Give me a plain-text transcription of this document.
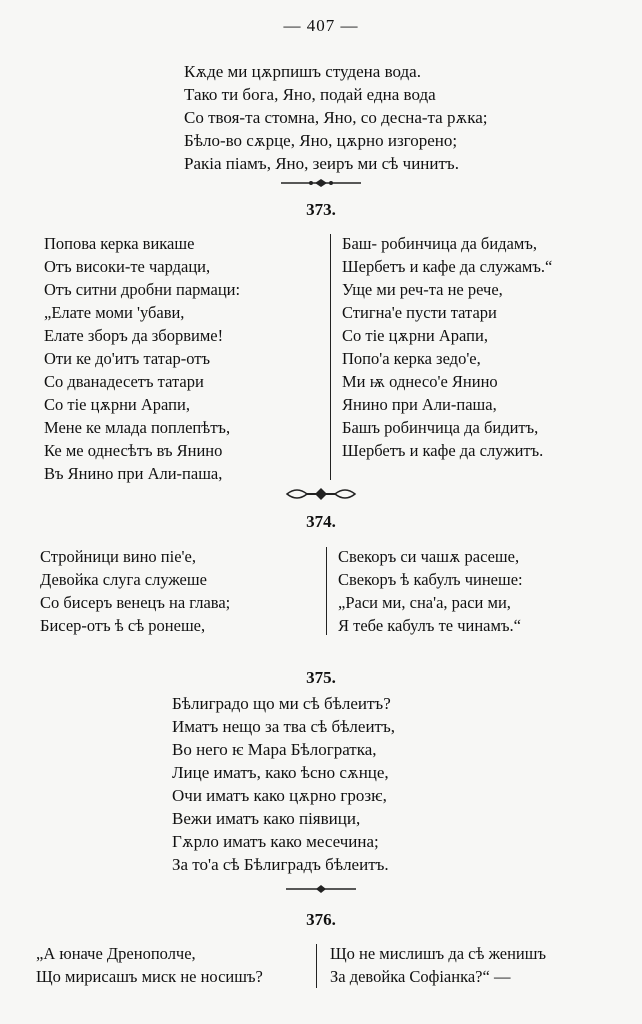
— 407 —
Кѫде ми цѫрпишъ студена вода.
Тако ти бога, Яно, подай една вода
Со твоя-та стомна, Яно, со десна-та рѫка;
Бѣло-во сѫрце, Яно, цѫрно изгорено;
Ракіа піамъ, Яно, зеиръ ми сѣ чинитъ.
373.
Попова керка викаше
Отъ високи-те чардаци,
Отъ ситни дробни пармаци:
„Елате моми 'убави,
Елате зборъ да зборвиме!
Оти ке до'итъ татар-отъ
Со дванадесетъ татари
Со тіе цѫрни Арапи,
Мене ке млада поплепѣтъ,
Ке ме однесѣтъ въ Янино
Въ Янино при Али-паша,
Баш- робинчица да бидамъ,
Шербетъ и кафе да служамъ.“
Уще ми реч-та не рече,
Стигна'е пусти татари
Со тіе цѫрни Арапи,
Попо'а керка зедо'е,
Ми ѭ однесо'е Янино
Янино при Али-паша,
Башъ робинчица да бидитъ,
Шербетъ и кафе да служитъ.
374.
Стройници вино піе'е,
Девойка слуга служеше
Со бисеръ венецъ на глава;
Бисер-отъ ѣ сѣ ронеше,
Свекоръ си чашѫ расеше,
Свекоръ ѣ кабулъ чинеше:
„Раси ми, сна'а, раси ми,
Я тебе кабулъ те чинамъ.“
375.
Бѣлиградо що ми сѣ бѣлеитъ?
Иматъ нещо за тва сѣ бѣлеитъ,
Во него ѥ Мара Бѣлогратка,
Лице иматъ, како ѣсно сѫнце,
Очи иматъ како цѫрно грозѥ,
Вежи иматъ како піявици,
Гѫрло иматъ како месечина;
За то'а сѣ Бѣлиградъ бѣлеитъ.
376.
„А юначе Дренополче,
Що мирисашъ миск не носишъ?
Що не мислишъ да сѣ женишъ
За девойка Софіанка?“ —
